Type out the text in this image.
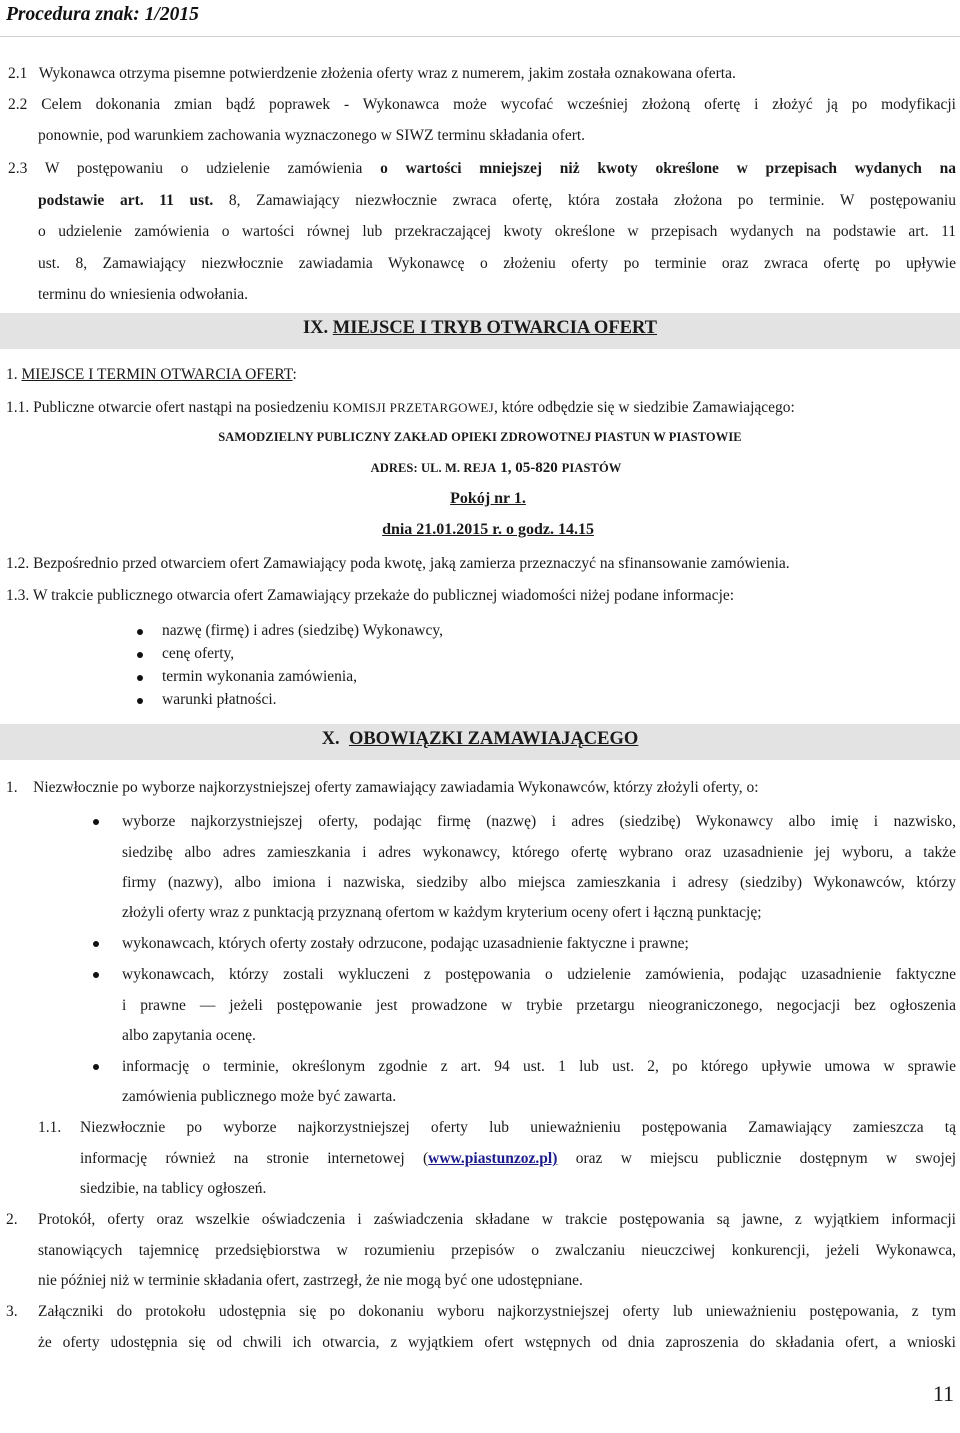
Procedura znak: 1/2015
2.1 Wykonawca otrzyma pisemne potwierdzenie złożenia oferty wraz z numerem, jakim została oznakowana oferta.
2.2 Celem dokonania zmian bądź poprawek - Wykonawca może wycofać wcześniej złożoną ofertę i złożyć ją po modyfikacji
ponownie, pod warunkiem zachowania wyznaczonego w SIWZ terminu składania ofert.
2.3 W postępowaniu o udzielenie zamówienia o wartości mniejszej niż kwoty określone w przepisach wydanych na
podstawie art. 11 ust. 8, Zamawiający niezwłocznie zwraca ofertę, która została złożona po terminie. W postępowaniu
o udzielenie zamówienia o wartości równej lub przekraczającej kwoty określone w przepisach wydanych na podstawie art. 11
ust. 8, Zamawiający niezwłocznie zawiadamia Wykonawcę o złożeniu oferty po terminie oraz zwraca ofertę po upływie
terminu do wniesienia odwołania.
IX. MIEJSCE I TRYB OTWARCIA OFERT
1. MIEJSCE I TERMIN OTWARCIA OFERT:
1.1. Publiczne otwarcie ofert nastąpi na posiedzeniu KOMISJI PRZETARGOWEJ, które odbędzie się w siedzibie Zamawiającego:
SAMODZIELNY PUBLICZNY ZAKŁAD OPIEKI ZDROWOTNEJ PIASTUN W PIASTOWIE
ADRES: UL. M. REJA 1, 05-820 PIASTÓW
Pokój nr 1.
dnia 21.01.2015 r. o godz. 14.15
1.2. Bezpośrednio przed otwarciem ofert Zamawiający poda kwotę, jaką zamierza przeznaczyć na sfinansowanie zamówienia.
1.3. W trakcie publicznego otwarcia ofert Zamawiający przekaże do publicznej wiadomości niżej podane informacje:
nazwę (firmę) i adres (siedzibę) Wykonawcy,
cenę oferty,
termin wykonania zamówienia,
warunki płatności.
X. OBOWIĄZKI ZAMAWIAJĄCEGO
1. Niezwłocznie po wyborze najkorzystniejszej oferty zamawiający zawiadamia Wykonawców, którzy złożyli oferty, o:
wyborze najkorzystniejszej oferty, podając firmę (nazwę) i adres (siedzibę) Wykonawcy albo imię i nazwisko,
siedzibę albo adres zamieszkania i adres wykonawcy, którego ofertę wybrano oraz uzasadnienie jej wyboru, a także
firmy (nazwy), albo imiona i nazwiska, siedziby albo miejsca zamieszkania i adresy (siedziby) Wykonawców, którzy
złożyli oferty wraz z punktacją przyznaną ofertom w każdym kryterium oceny ofert i łączną punktację;
wykonawcach, których oferty zostały odrzucone, podając uzasadnienie faktyczne i prawne;
wykonawcach, którzy zostali wykluczeni z postępowania o udzielenie zamówienia, podając uzasadnienie faktyczne
i prawne — jeżeli postępowanie jest prowadzone w trybie przetargu nieograniczonego, negocjacji bez ogłoszenia
albo zapytania ocenę.
informację o terminie, określonym zgodnie z art. 94 ust. 1 lub ust. 2, po którego upływie umowa w sprawie
zamówienia publicznego może być zawarta.
1.1.	Niezwłocznie po wyborze najkorzystniejszej oferty lub unieważnieniu postępowania Zamawiający zamieszcza tą
informację również na stronie internetowej (www.piastunzoz.pl) oraz w miejscu publicznie dostępnym w swojej
siedzibie, na tablicy ogłoszeń.
2.	Protokół, oferty oraz wszelkie oświadczenia i zaświadczenia składane w trakcie postępowania są jawne, z wyjątkiem informacji
stanowiących tajemnicę przedsiębiorstwa w rozumieniu przepisów o zwalczaniu nieuczciwej konkurencji, jeżeli Wykonawca,
nie później niż w terminie składania ofert, zastrzegł, że nie mogą być one udostępniane.
3.	Załączniki do protokołu udostępnia się po dokonaniu wyboru najkorzystniejszej oferty lub unieważnieniu postępowania, z tym
że oferty udostępnia się od chwili ich otwarcia, z wyjątkiem ofert wstępnych od dnia zaproszenia do składania ofert, a wnioski
11
